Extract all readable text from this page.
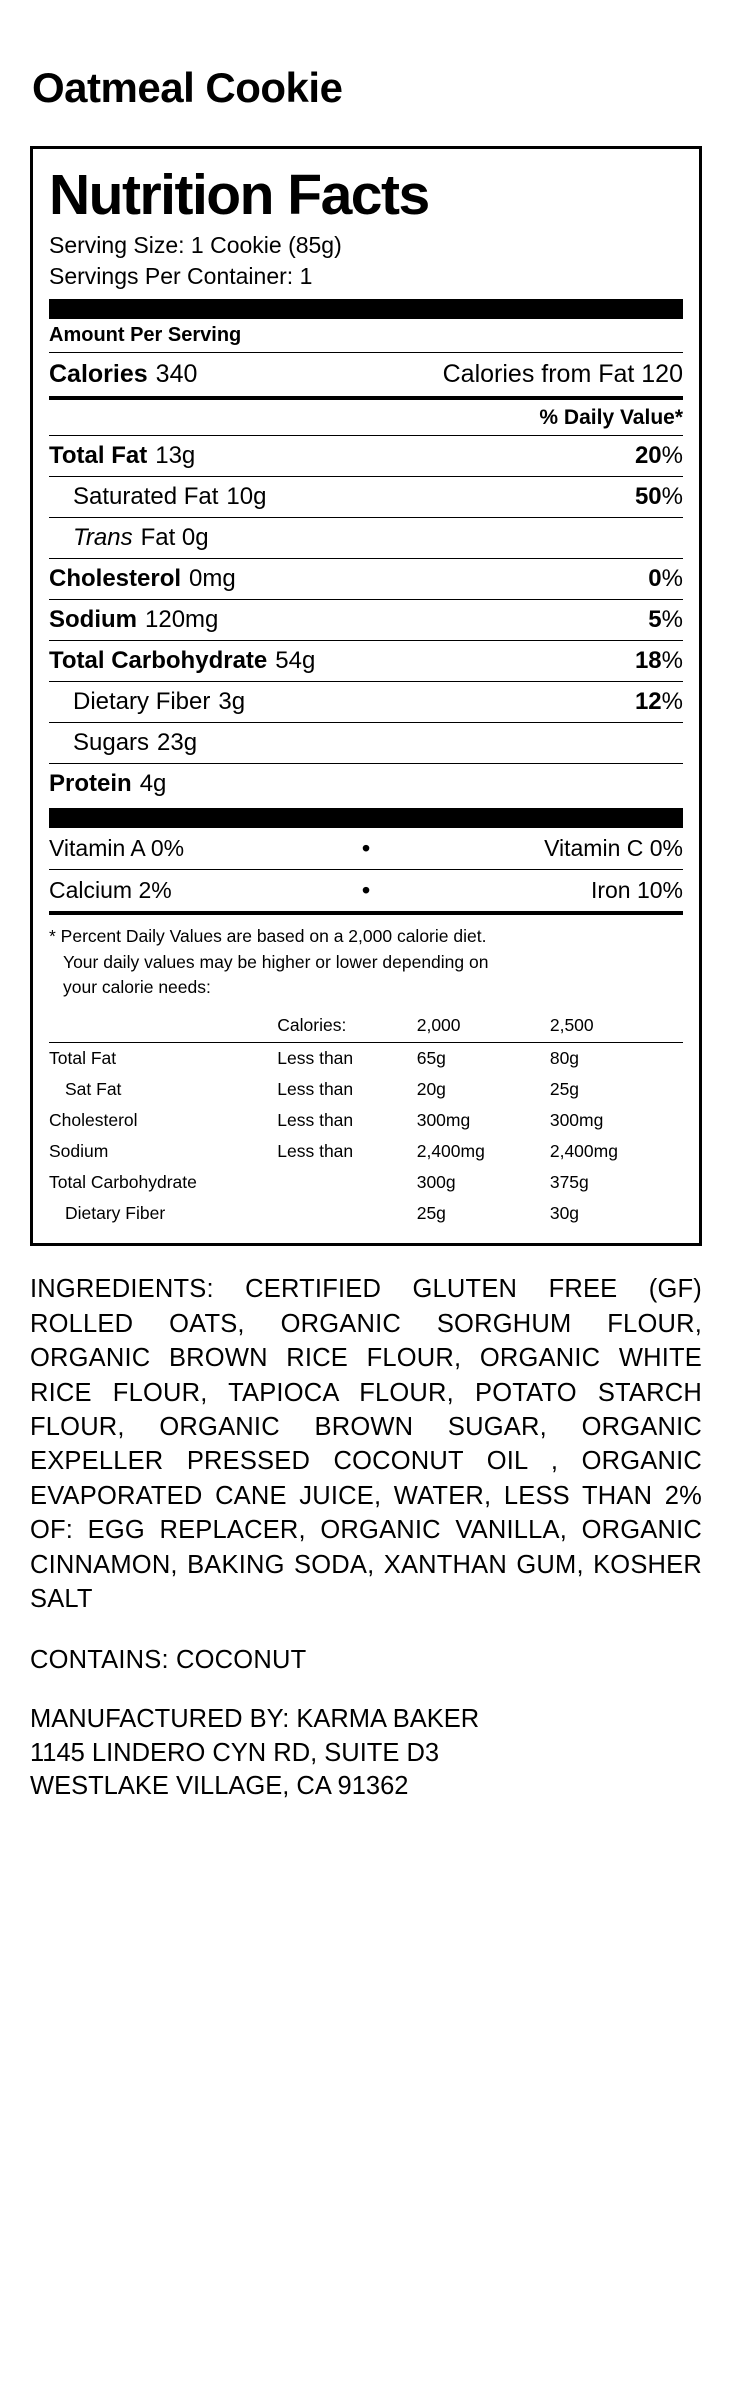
Oatmeal Cookie
Nutrition Facts
Serving Size: 1 Cookie (85g)
Servings Per Container: 1
Amount Per Serving
Calories 340	Calories from Fat 120
% Daily Value*
Total Fat 13g	20%
Saturated Fat 10g	50%
Trans Fat 0g
Cholesterol 0mg	0%
Sodium 120mg	5%
Total Carbohydrate 54g	18%
Dietary Fiber 3g	12%
Sugars 23g
Protein 4g
Vitamin A 0%	•	Vitamin C 0%
Calcium 2%	•	Iron 10%

* Percent Daily Values are based on a 2,000 calorie diet.

Your daily values may be higher or lower depending on

your calorie needs:

	Calories:	2,000	2,500
Total Fat	Less than	65g	80g
Sat Fat	Less than	20g	25g
Cholesterol	Less than	300mg	300mg
Sodium	Less than	2,400mg	2,400mg
Total Carbohydrate		300g	375g
Dietary Fiber		25g	30g

INGREDIENTS: CERTIFIED GLUTEN FREE (GF) ROLLED OATS, ORGANIC SORGHUM FLOUR, ORGANIC BROWN RICE FLOUR, ORGANIC WHITE RICE FLOUR, TAPIOCA FLOUR, POTATO STARCH FLOUR, ORGANIC BROWN SUGAR, ORGANIC EXPELLER PRESSED COCONUT OIL , ORGANIC EVAPORATED CANE JUICE, WATER, LESS THAN 2% OF: EGG REPLACER, ORGANIC VANILLA, ORGANIC CINNAMON, BAKING SODA, XANTHAN GUM, KOSHER SALT

CONTAINS: COCONUT

MANUFACTURED BY: KARMA BAKER
1145 LINDERO CYN RD, SUITE D3
WESTLAKE VILLAGE, CA 91362
